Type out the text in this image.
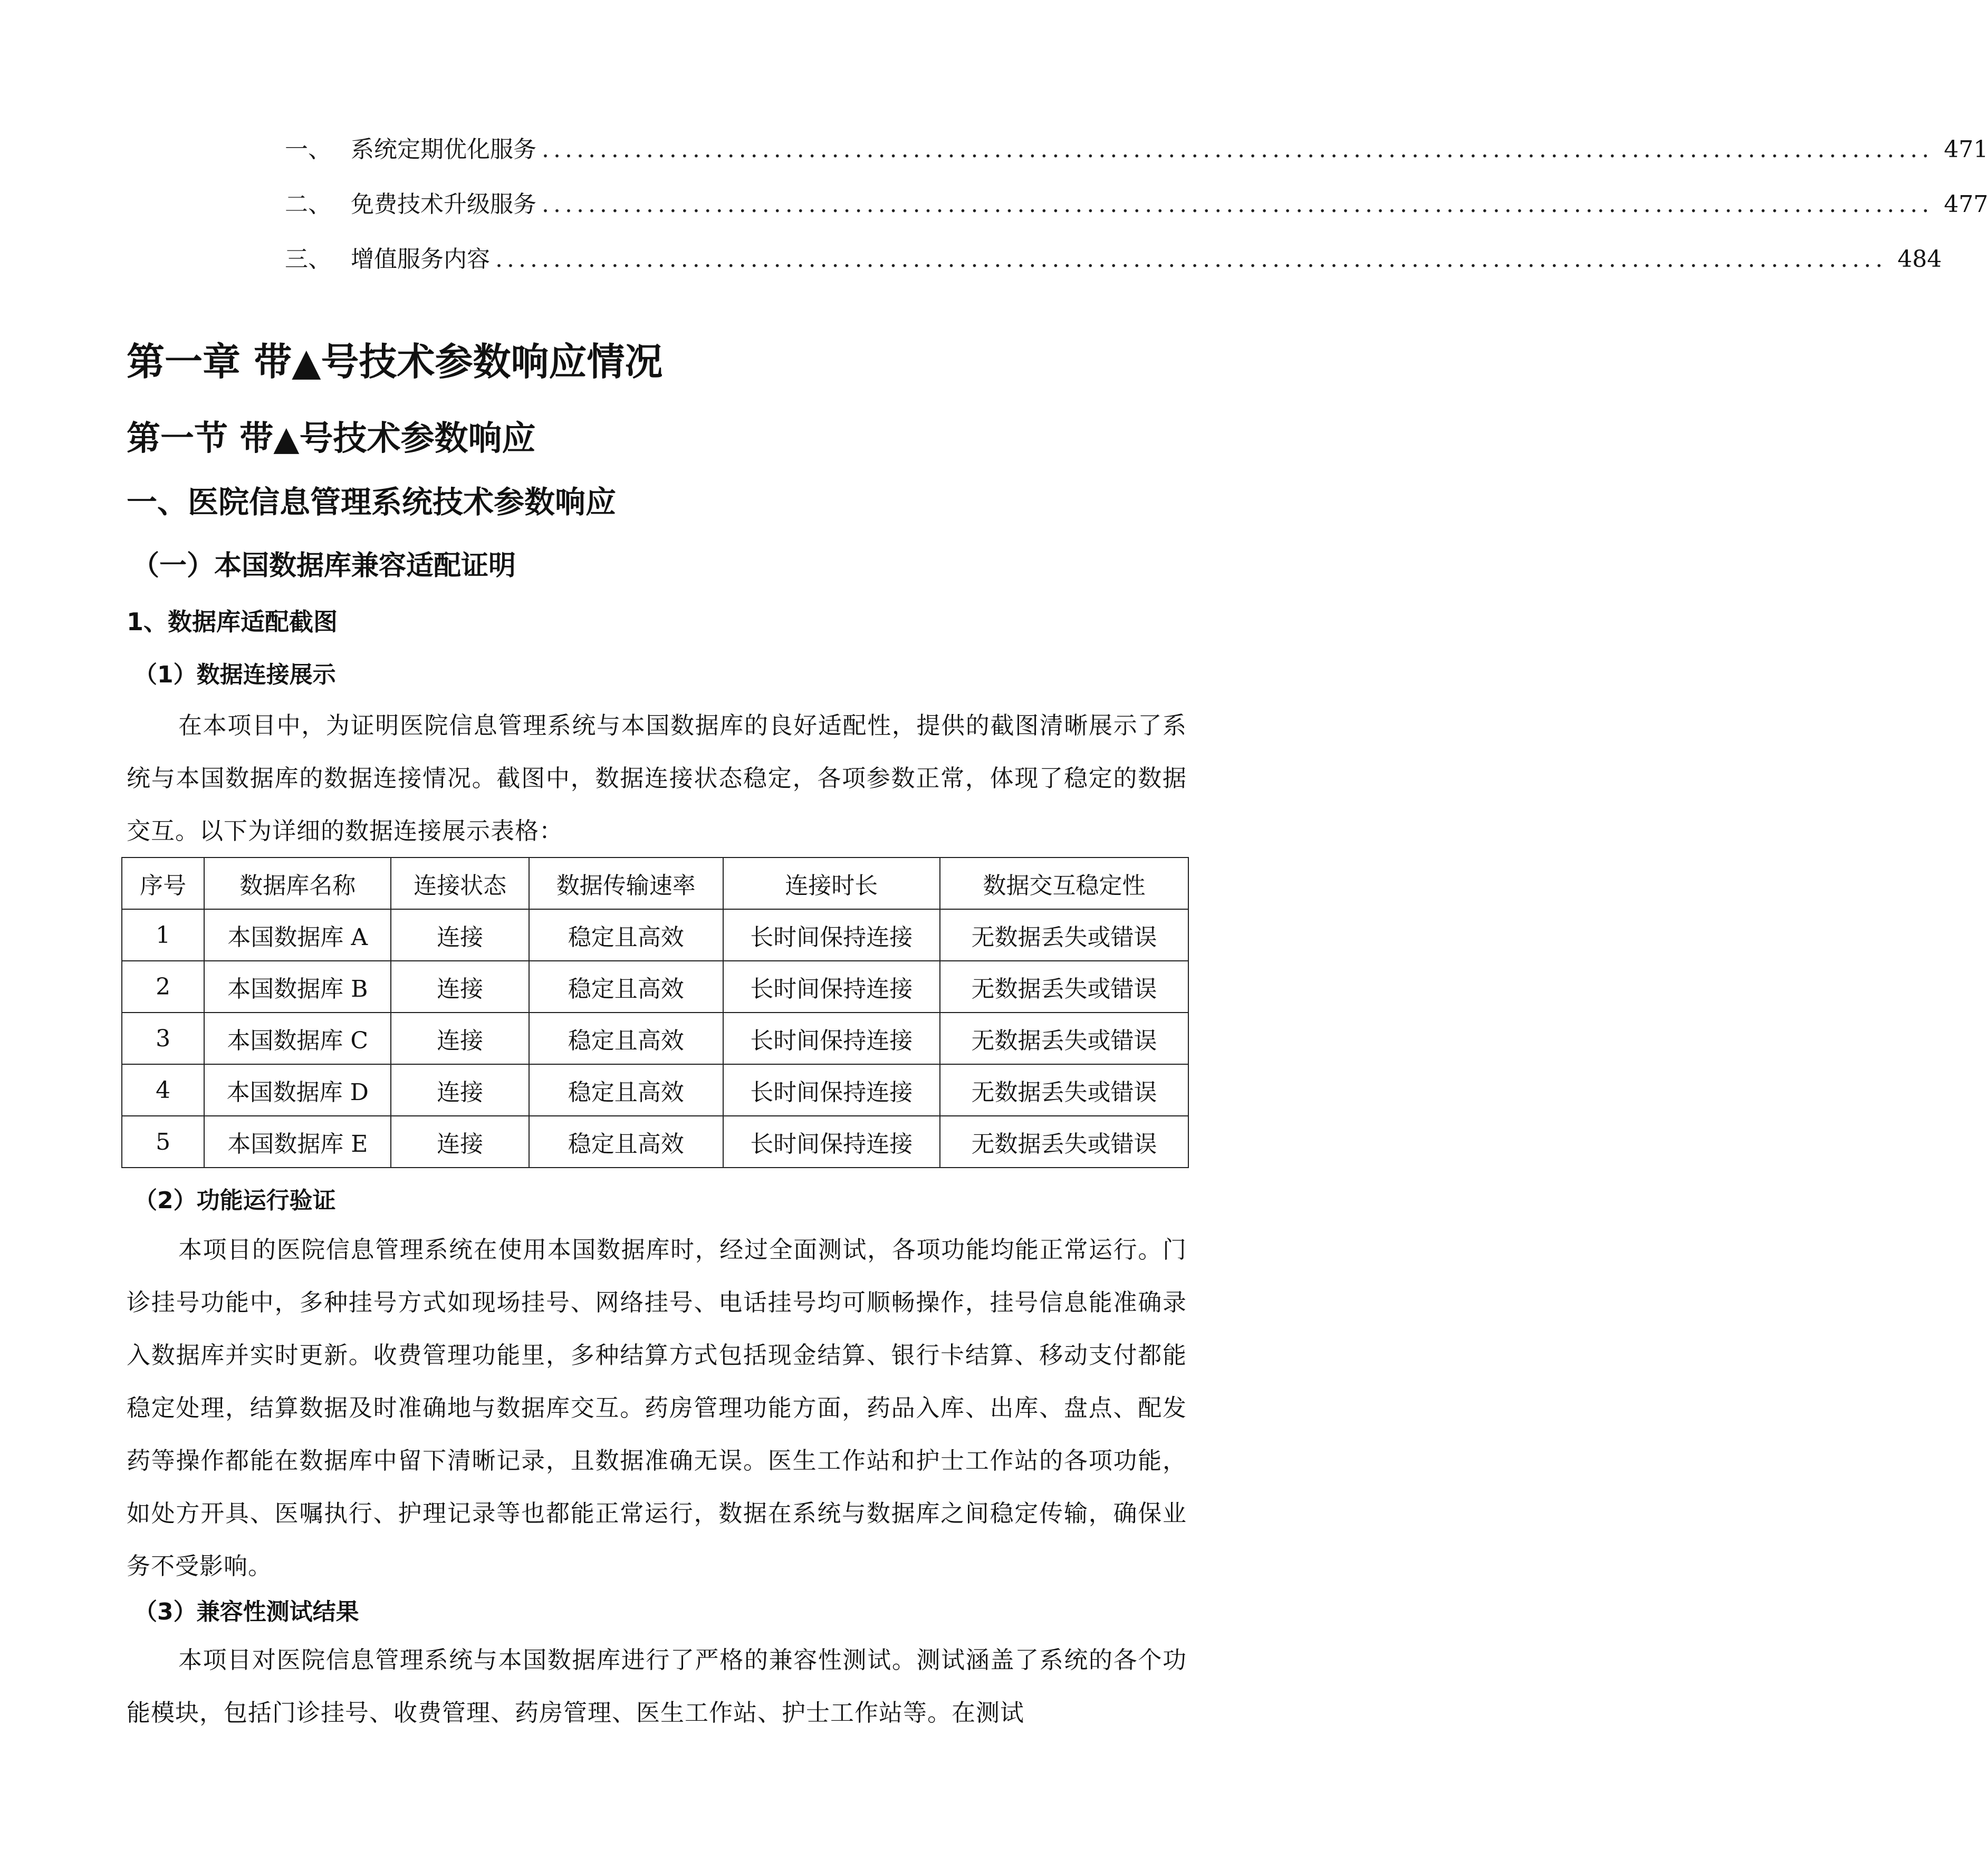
一、 系统定期优化服务 ........................................................................................................................ 471
二、 免费技术升级服务 ........................................................................................................................ 477
三、 增值服务内容 ........................................................................................................................ 484
第一章 带▲号技术参数响应情况
第一节 带▲号技术参数响应
一、医院信息管理系统技术参数响应
（一）本国数据库兼容适配证明
1、数据库适配截图
（1）数据连接展示

在本项目中，为证明医院信息管理系统与本国数据库的良好适配性，提供的截图清晰展示了系统与本国数据库的数据连接情况。截图中，数据连接状态稳定，各项参数正常，体现了稳定的数据交互。以下为详细的数据连接展示表格：

序号	数据库名称	连接状态	数据传输速率	连接时长	数据交互稳定性
1	本国数据库 A	连接	稳定且高效	长时间保持连接	无数据丢失或错误
2	本国数据库 B	连接	稳定且高效	长时间保持连接	无数据丢失或错误
3	本国数据库 C	连接	稳定且高效	长时间保持连接	无数据丢失或错误
4	本国数据库 D	连接	稳定且高效	长时间保持连接	无数据丢失或错误
5	本国数据库 E	连接	稳定且高效	长时间保持连接	无数据丢失或错误
（2）功能运行验证

本项目的医院信息管理系统在使用本国数据库时，经过全面测试，各项功能均能正常运行。门诊挂号功能中，多种挂号方式如现场挂号、网络挂号、电话挂号均可顺畅操作，挂号信息能准确录入数据库并实时更新。收费管理功能里，多种结算方式包括现金结算、银行卡结算、移动支付都能稳定处理，结算数据及时准确地与数据库交互。药房管理功能方面，药品入库、出库、盘点、配发药等操作都能在数据库中留下清晰记录，且数据准确无误。医生工作站和护士工作站的各项功能，如处方开具、医嘱执行、护理记录等也都能正常运行，数据在系统与数据库之间稳定传输，确保业务不受影响。

（3）兼容性测试结果

本项目对医院信息管理系统与本国数据库进行了严格的兼容性测试。测试涵盖了系统的各个功能模块，包括门诊挂号、收费管理、药房管理、医生工作站、护士工作站等。在测试
